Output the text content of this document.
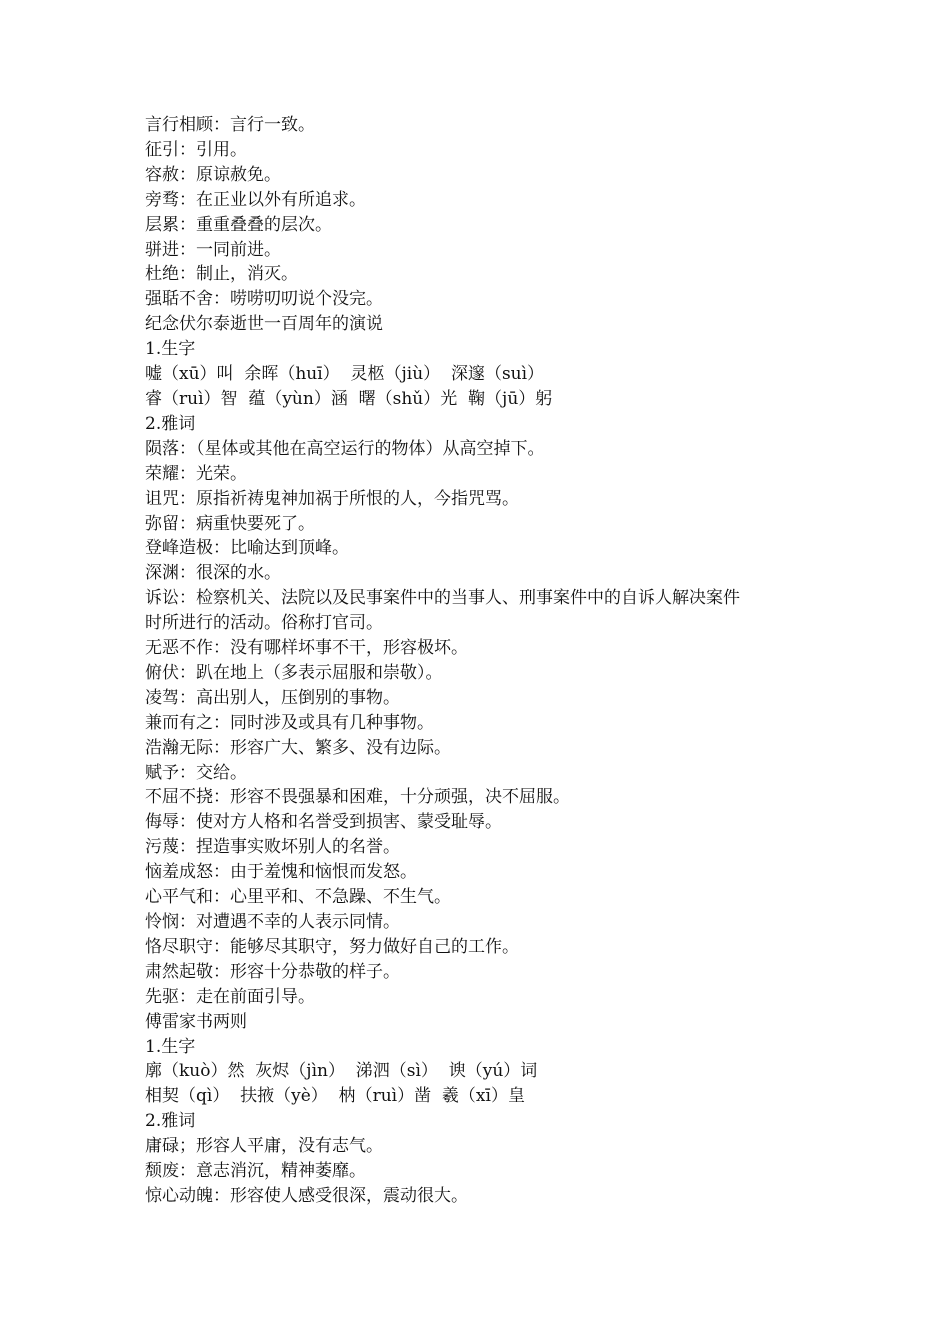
言行相顾：言行一致。

征引：引用。

容赦：原谅赦免。

旁骛：在正业以外有所追求。

层累：重重叠叠的层次。

骈进：一同前进。

杜绝：制止，消灭。

强聒不舍：唠唠叨叨说个没完。

纪念伏尔泰逝世一百周年的演说

1.生字

嘘（xū）叫  余晖（huī）  灵柩（jiù）  深邃（suì）

睿（ruì）智  蕴（yùn）涵  曙（shǔ）光  鞠（jū）躬

2.雅词

陨落：（星体或其他在高空运行的物体）从高空掉下。

荣耀：光荣。

诅咒：原指祈祷鬼神加祸于所恨的人，今指咒骂。

弥留：病重快要死了。

登峰造极：比喻达到顶峰。

深渊：很深的水。

诉讼：检察机关、法院以及民事案件中的当事人、刑事案件中的自诉人解决案件

时所进行的活动。俗称打官司。

无恶不作：没有哪样坏事不干，形容极坏。

俯伏：趴在地上（多表示屈服和崇敬）。

凌驾：高出别人，压倒别的事物。

兼而有之：同时涉及或具有几种事物。

浩瀚无际：形容广大、繁多、没有边际。

赋予：交给。

不屈不挠：形容不畏强暴和困难，十分顽强，决不屈服。

侮辱：使对方人格和名誉受到损害、蒙受耻辱。

污蔑：捏造事实败坏别人的名誉。

恼羞成怒：由于羞愧和恼恨而发怒。

心平气和：心里平和、不急躁、不生气。

怜悯：对遭遇不幸的人表示同情。

恪尽职守：能够尽其职守，努力做好自己的工作。

肃然起敬：形容十分恭敬的样子。

先驱：走在前面引导。

傅雷家书两则

1.生字

廓（kuò）然  灰烬（jìn）  涕泗（sì）  谀（yú）词

相契（qì）  扶掖（yè）  枘（ruì）凿  羲（xī）皇

2.雅词

庸碌；形容人平庸，没有志气。

颓废：意志消沉，精神萎靡。

惊心动魄：形容使人感受很深，震动很大。
